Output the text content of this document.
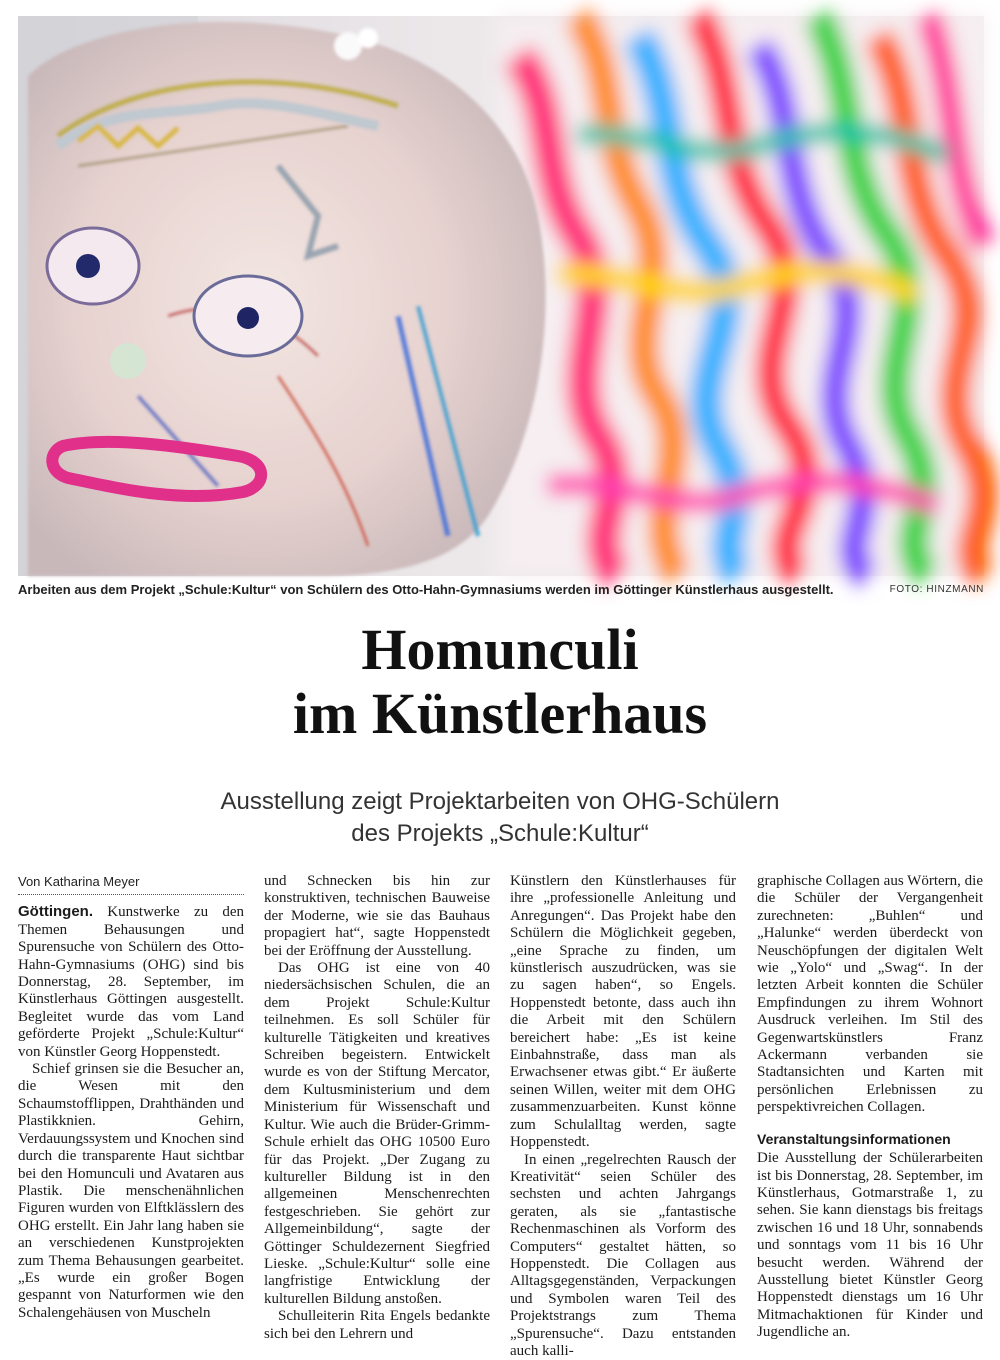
Arbeiten aus dem Projekt „Schule:Kultur“ von Schülern des Otto-Hahn-Gymnasiums werden im Göttinger Künstlerhaus ausgestellt.	FOTO: HINZMANN
Homunculi
im Künstlerhaus
Ausstellung zeigt Projektarbeiten von OHG-Schülern
des Projekts „Schule:Kultur“
Von Katharina Meyer

Göttingen. Kunstwerke zu den Themen Behausungen und Spurensuche von Schülern des Otto-Hahn-Gymnasiums (OHG) sind bis Donnerstag, 28. September, im Künstlerhaus Göttingen ausgestellt. Begleitet wurde das vom Land geförderte Projekt „Schule:Kultur“ von Künstler Georg Hoppenstedt.

Schief grinsen sie die Besucher an, die Wesen mit den Schaumstofflippen, Drahthänden und Plastikknien. Gehirn, Verdauungssystem und Knochen sind durch die transparente Haut sichtbar bei den Homunculi und Avataren aus Plastik. Die menschenähnlichen Figuren wurden von Elftklässlern des OHG erstellt. Ein Jahr lang haben sie an verschiedenen Kunstprojekten zum Thema Behausungen gearbeitet. „Es wurde ein großer Bogen gespannt von Naturformen wie den Schalengehäusen von Muscheln

und Schnecken bis hin zur konstruktiven, technischen Bauweise der Moderne, wie sie das Bauhaus propagiert hat“, sagte Hoppenstedt bei der Eröffnung der Ausstellung.

Das OHG ist eine von 40 niedersächsischen Schulen, die an dem Projekt Schule:Kultur teilnehmen. Es soll Schüler für kulturelle Tätigkeiten und kreatives Schreiben begeistern. Entwickelt wurde es von der Stiftung Mercator, dem Kultusministerium und dem Ministerium für Wissenschaft und Kultur. Wie auch die Brüder-Grimm-Schule erhielt das OHG 10500 Euro für das Projekt. „Der Zugang zu kultureller Bildung ist in den allgemeinen Menschenrechten festgeschrieben. Sie gehört zur Allgemeinbildung“, sagte der Göttinger Schuldezernent Siegfried Lieske. „Schule:Kultur“ solle eine langfristige Entwicklung der kulturellen Bildung anstoßen.

Schulleiterin Rita Engels bedankte sich bei den Lehrern und

Künstlern den Künstlerhauses für ihre „professionelle Anleitung und Anregungen“. Das Projekt habe den Schülern die Möglichkeit gegeben, „eine Sprache zu finden, um künstlerisch auszudrücken, was sie zu sagen haben“, so Engels. Hoppenstedt betonte, dass auch ihn die Arbeit mit den Schülern bereichert habe: „Es ist keine Einbahnstraße, dass man als Erwachsener etwas gibt.“ Er äußerte seinen Willen, weiter mit dem OHG zusammenzuarbeiten. Kunst könne zum Schulalltag werden, sagte Hoppenstedt.

In einen „regelrechten Rausch der Kreativität“ seien Schüler des sechsten und achten Jahrgangs geraten, als sie „fantastische Rechenmaschinen als Vorform des Computers“ gestaltet hätten, so Hoppenstedt. Die Collagen aus Alltagsgegenständen, Verpackungen und Symbolen waren Teil des Projektstrangs zum Thema „Spurensuche“. Dazu entstanden auch kalli-

graphische Collagen aus Wörtern, die die Schüler der Vergangenheit zurechneten: „Buhlen“ und „Halunke“ werden überdeckt von Neuschöpfungen der digitalen Welt wie „Yolo“ und „Swag“. In der letzten Arbeit konnten die Schüler Empfindungen zu ihrem Wohnort Ausdruck verleihen. Im Stil des Gegenwartskünstlers Franz Ackermann verbanden sie Stadtansichten und Karten mit persönlichen Erlebnissen zu perspektivreichen Collagen.

Veranstaltungsinformationen

Die Ausstellung der Schülerarbeiten ist bis Donnerstag, 28. September, im Künstlerhaus, Gotmarstraße 1, zu sehen. Sie kann dienstags bis freitags zwischen 16 und 18 Uhr, sonnabends und sonntags vom 11 bis 16 Uhr besucht werden. Während der Ausstellung bietet Künstler Georg Hoppenstedt dienstags um 16 Uhr Mitmachaktionen für Kinder und Jugendliche an.
